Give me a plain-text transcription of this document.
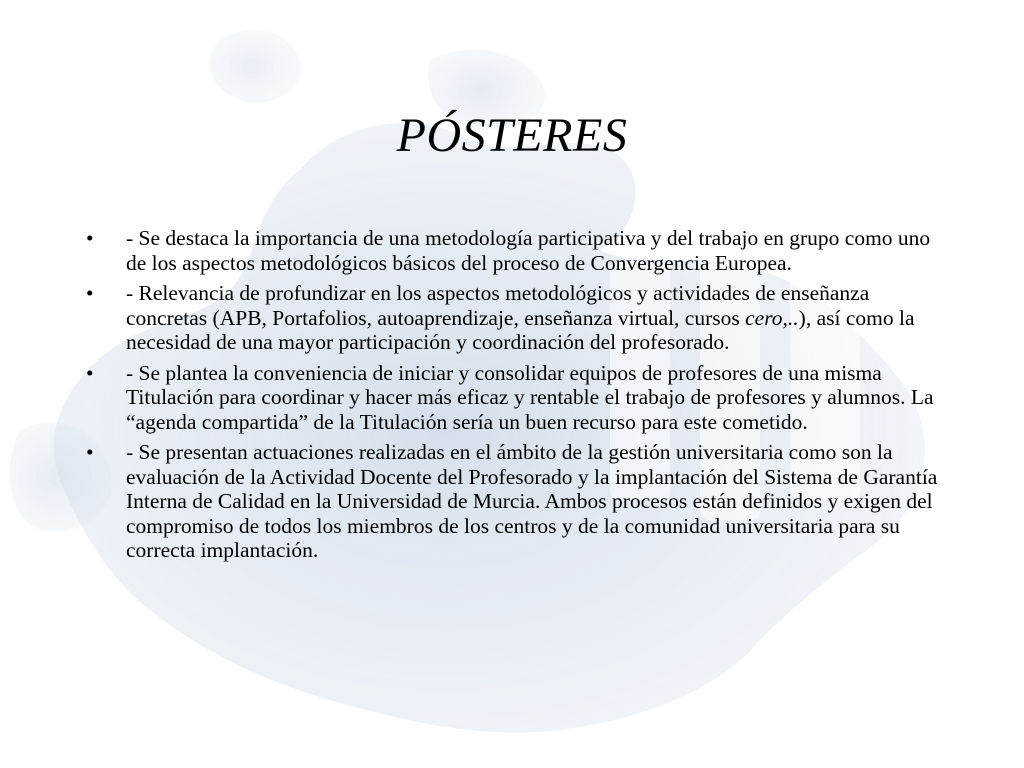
PÓSTERES
•	- Se destaca la importancia de una metodología participativa y del trabajo en grupo como uno de los aspectos metodológicos básicos del proceso de Convergencia Europea.
•	- Relevancia de profundizar en los aspectos metodológicos y actividades de enseñanza concretas (APB, Portafolios, autoaprendizaje, enseñanza virtual, cursos cero,..), así como la necesidad de una mayor participación y coordinación del profesorado.
•	- Se plantea la conveniencia de iniciar y consolidar equipos de profesores de una misma Titulación para coordinar y hacer más eficaz y rentable el trabajo de profesores y alumnos. La “agenda compartida” de la Titulación sería un buen recurso para este cometido.
•	- Se presentan actuaciones realizadas en el ámbito de la gestión universitaria como son la evaluación de la Actividad Docente del Profesorado y la implantación del Sistema de Garantía Interna de Calidad en la Universidad de Murcia. Ambos procesos están definidos y exigen del compromiso de todos los miembros de los centros y de la comunidad universitaria para su correcta implantación.
